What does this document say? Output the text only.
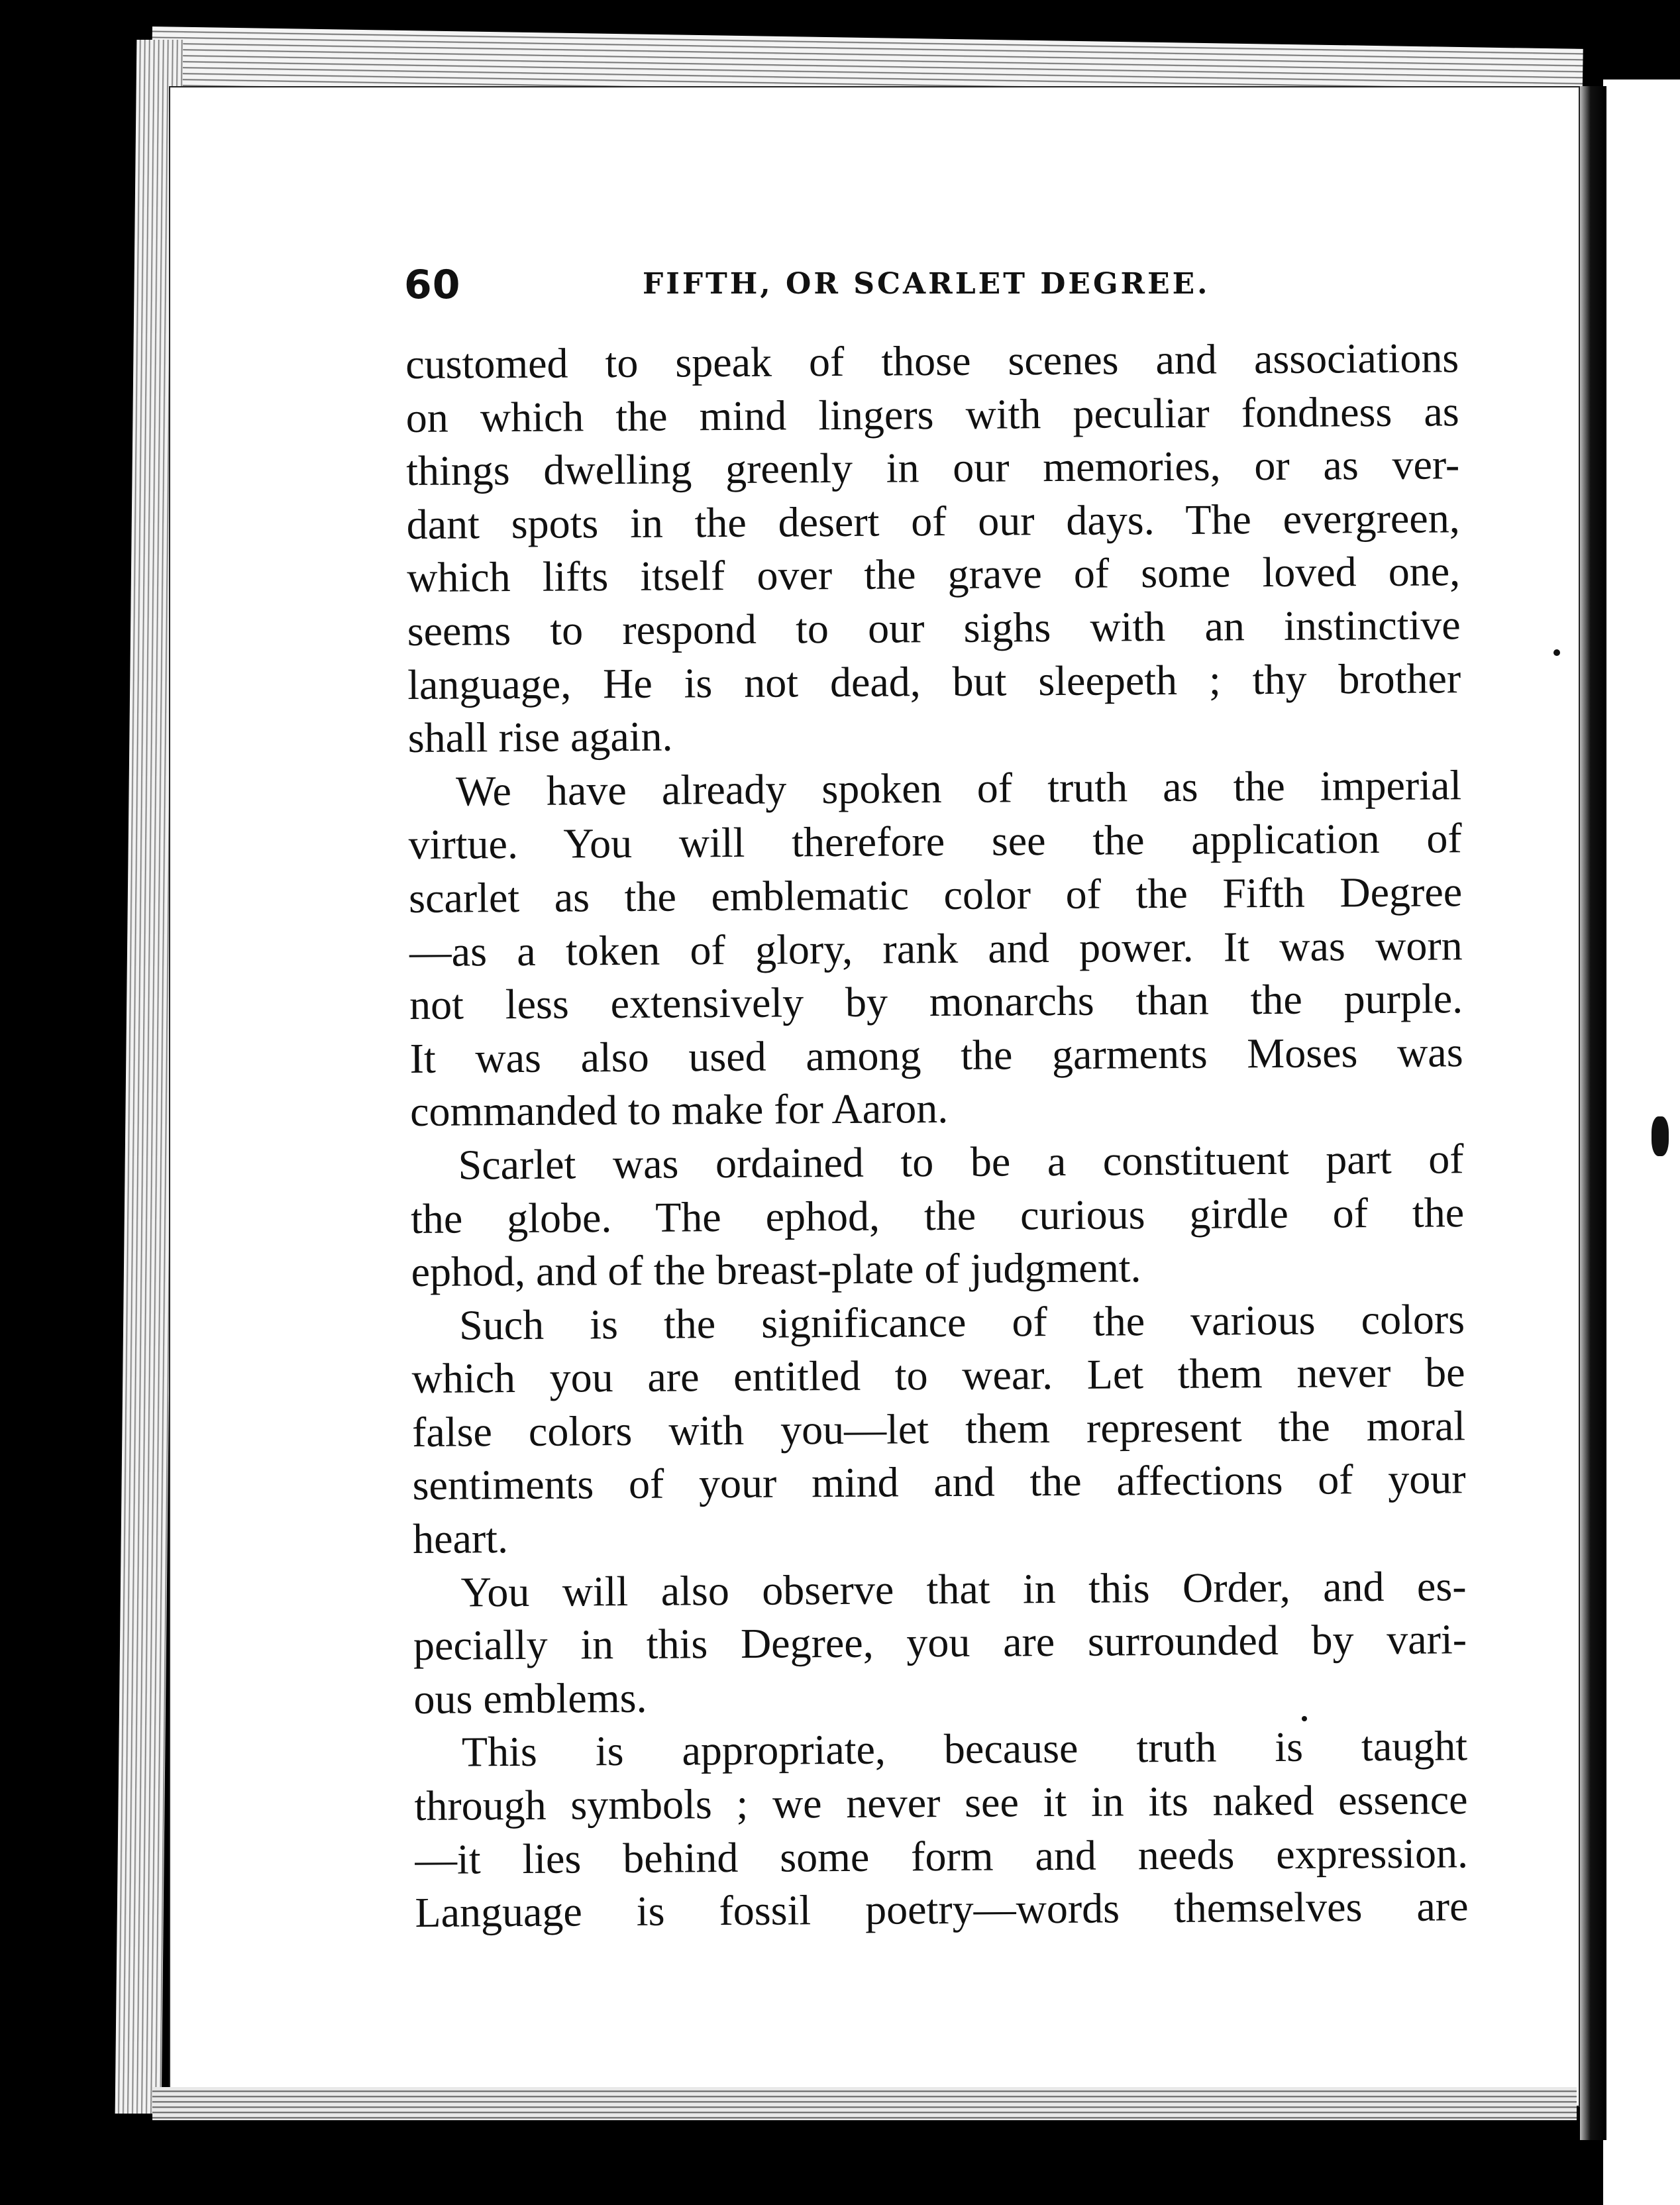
60	FIFTH, OR SCARLET DEGREE.
customed to speak of those scenes and associations
on which the mind lingers with peculiar fondness as
things dwelling greenly in our memories, or as ver-
dant spots in the desert of our days. The evergreen,
which lifts itself over the grave of some loved one,
seems to respond to our sighs with an instinctive
language, He is not dead, but sleepeth ; thy brother
shall rise again.
We have already spoken of truth as the imperial
virtue. You will therefore see the application of
scarlet as the emblematic color of the Fifth Degree
—as a token of glory, rank and power. It was worn
not less extensively by monarchs than the purple.
It was also used among the garments Moses was
commanded to make for Aaron.
Scarlet was ordained to be a constituent part of
the globe. The ephod, the curious girdle of the
ephod, and of the breast-plate of judgment.
Such is the significance of the various colors
which you are entitled to wear. Let them never be
false colors with you—let them represent the moral
sentiments of your mind and the affections of your
heart.
You will also observe that in this Order, and es-
pecially in this Degree, you are surrounded by vari-
ous emblems.
This is appropriate, because truth is taught
through symbols ; we never see it in its naked essence
—it lies behind some form and needs expression.
Language is fossil poetry—words themselves are
